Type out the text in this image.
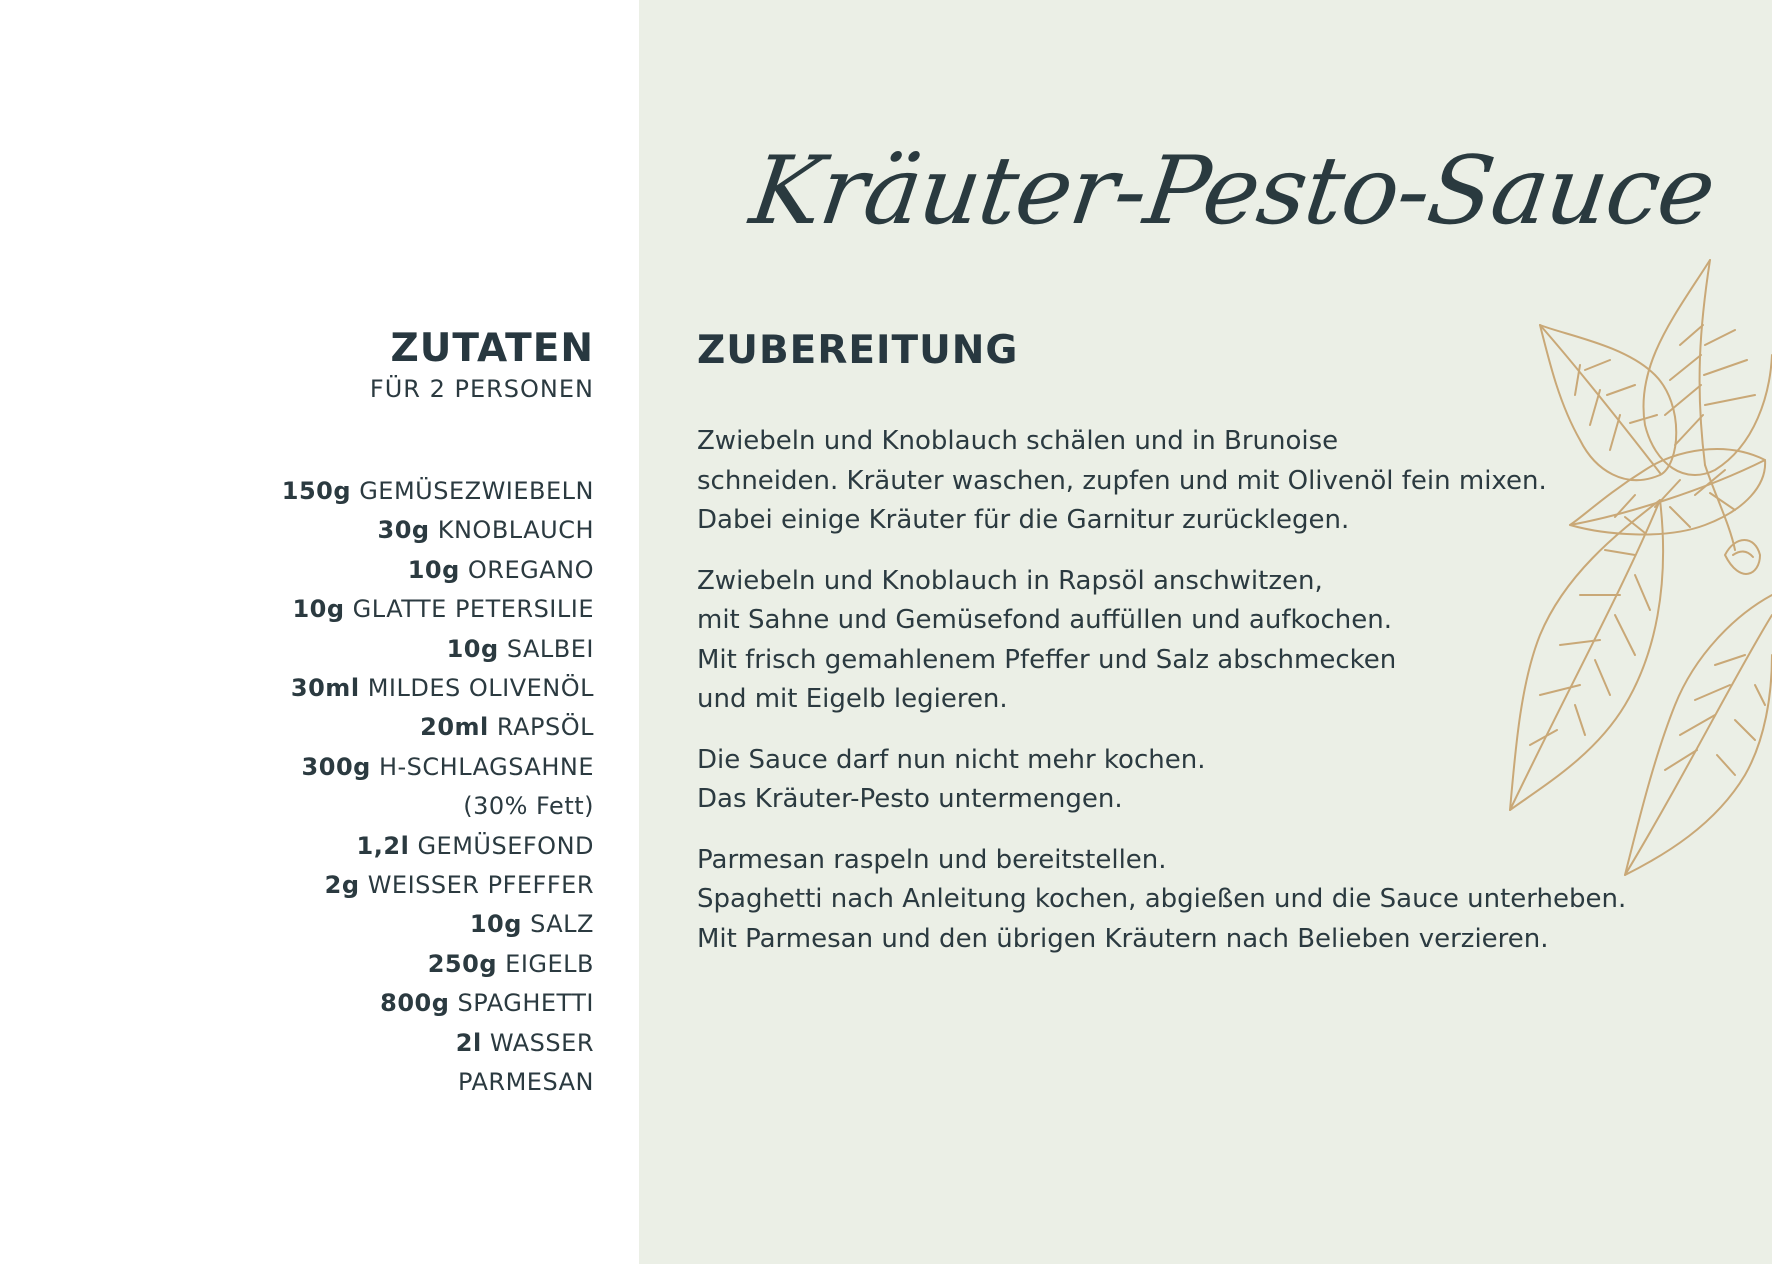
Kräuter-Pesto-Sauce
ZUTATEN
FÜR 2 PERSONEN
150g GEMÜSEZWIEBELN
30g KNOBLAUCH
10g OREGANO
10g GLATTE PETERSILIE
10g SALBEI
30ml MILDES OLIVENÖL
20ml RAPSÖL
300g H-SCHLAGSAHNE
(30% Fett)
1,2l GEMÜSEFOND
2g WEISSER PFEFFER
10g SALZ
250g EIGELB
800g SPAGHETTI
2l WASSER
PARMESAN
ZUBEREITUNG
Zwiebeln und Knoblauch schälen und in Brunoise
schneiden. Kräuter waschen, zupfen und mit Olivenöl fein mixen.
Dabei einige Kräuter für die Garnitur zurücklegen.
Zwiebeln und Knoblauch in Rapsöl anschwitzen,
mit Sahne und Gemüsefond auffüllen und aufkochen.
Mit frisch gemahlenem Pfeffer und Salz abschmecken
und mit Eigelb legieren.
Die Sauce darf nun nicht mehr kochen.
Das Kräuter-Pesto untermengen.
Parmesan raspeln und bereitstellen.
Spaghetti nach Anleitung kochen, abgießen und die Sauce unterheben.
Mit Parmesan und den übrigen Kräutern nach Belieben verzieren.
